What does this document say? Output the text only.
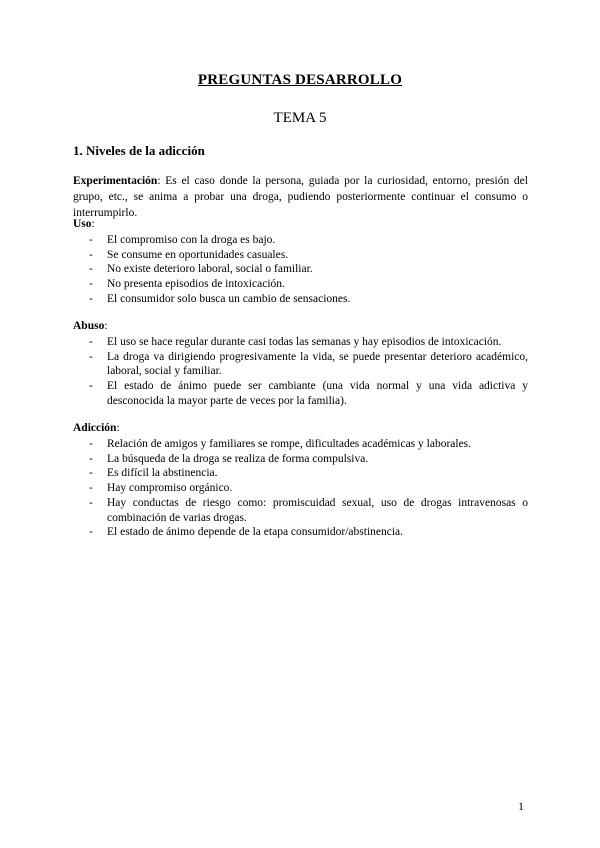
PREGUNTAS DESARROLLO
TEMA 5
1. Niveles de la adicción
Experimentación: Es el caso donde la persona, guiada por la curiosidad, entorno, presión del grupo, etc., se anima a probar una droga, pudiendo posteriormente continuar el consumo o interrumpirlo.
Uso:
- El compromiso con la droga es bajo.
- Se consume en oportunidades casuales.
- No existe deterioro laboral, social o familiar.
- No presenta episodios de intoxicación.
- El consumidor solo busca un cambio de sensaciones.
Abuso:
- El uso se hace regular durante casi todas las semanas y hay episodios de intoxicación.
- La droga va dirigiendo progresivamente la vida, se puede presentar deterioro académico, laboral, social y familiar.
- El estado de ánimo puede ser cambiante (una vida normal y una vida adictiva y desconocida la mayor parte de veces por la familia).
Adicción:
- Relación de amigos y familiares se rompe, dificultades académicas y laborales.
- La búsqueda de la droga se realiza de forma compulsiva.
- Es difícil la abstinencia.
- Hay compromiso orgánico.
- Hay conductas de riesgo como: promiscuidad sexual, uso de drogas intravenosas o combinación de varias drogas.
- El estado de ánimo depende de la etapa consumidor/abstinencia.
1
